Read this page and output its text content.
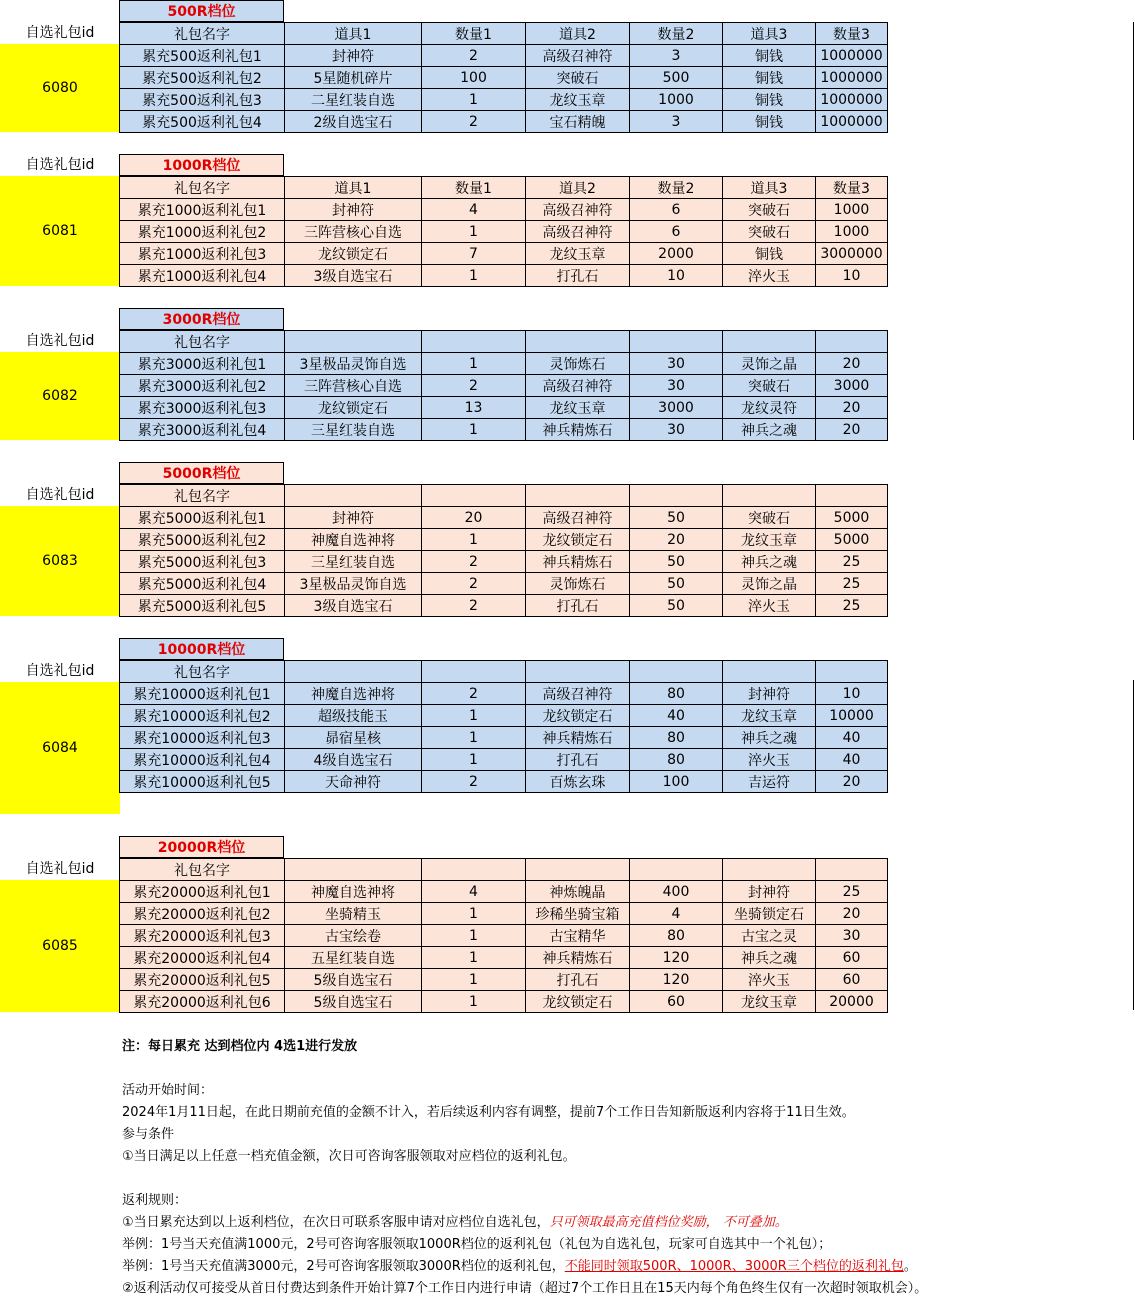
500R档位
自选礼包id
6080
礼包名字	道具1	数量1	道具2	数量2	道具3	数量3
累充500返利礼包1	封神符	2	高级召神符	3	铜钱	1000000
累充500返利礼包2	5星随机碎片	100	突破石	500	铜钱	1000000
累充500返利礼包3	二星红装自选	1	龙纹玉章	1000	铜钱	1000000
累充500返利礼包4	2级自选宝石	2	宝石精魄	3	铜钱	1000000
1000R档位
自选礼包id
6081
礼包名字	道具1	数量1	道具2	数量2	道具3	数量3
累充1000返利礼包1	封神符	4	高级召神符	6	突破石	1000
累充1000返利礼包2	三阵营核心自选	1	高级召神符	6	突破石	1000
累充1000返利礼包3	龙纹锁定石	7	龙纹玉章	2000	铜钱	3000000
累充1000返利礼包4	3级自选宝石	1	打孔石	10	淬火玉	10
3000R档位
自选礼包id
6082
礼包名字						
累充3000返利礼包1	3星极品灵饰自选	1	灵饰炼石	30	灵饰之晶	20
累充3000返利礼包2	三阵营核心自选	2	高级召神符	30	突破石	3000
累充3000返利礼包3	龙纹锁定石	13	龙纹玉章	3000	龙纹灵符	20
累充3000返利礼包4	三星红装自选	1	神兵精炼石	30	神兵之魂	20
5000R档位
自选礼包id
6083
礼包名字						
累充5000返利礼包1	封神符	20	高级召神符	50	突破石	5000
累充5000返利礼包2	神魔自选神将	1	龙纹锁定石	20	龙纹玉章	5000
累充5000返利礼包3	三星红装自选	2	神兵精炼石	50	神兵之魂	25
累充5000返利礼包4	3星极品灵饰自选	2	灵饰炼石	50	灵饰之晶	25
累充5000返利礼包5	3级自选宝石	2	打孔石	50	淬火玉	25
10000R档位
自选礼包id
6084
礼包名字						
累充10000返利礼包1	神魔自选神将	2	高级召神符	80	封神符	10
累充10000返利礼包2	超级技能玉	1	龙纹锁定石	40	龙纹玉章	10000
累充10000返利礼包3	昴宿星核	1	神兵精炼石	80	神兵之魂	40
累充10000返利礼包4	4级自选宝石	1	打孔石	80	淬火玉	40
累充10000返利礼包5	天命神符	2	百炼玄珠	100	吉运符	20
20000R档位
自选礼包id
6085
礼包名字						
累充20000返利礼包1	神魔自选神将	4	神炼魄晶	400	封神符	25
累充20000返利礼包2	坐骑精玉	1	珍稀坐骑宝箱	4	坐骑锁定石	20
累充20000返利礼包3	古宝绘卷	1	古宝精华	80	古宝之灵	30
累充20000返利礼包4	五星红装自选	1	神兵精炼石	120	神兵之魂	60
累充20000返利礼包5	5级自选宝石	1	打孔石	120	淬火玉	60
累充20000返利礼包6	5级自选宝石	1	龙纹锁定石	60	龙纹玉章	20000

注：每日累充 达到档位内 4选1进行发放

活动开始时间：

2024年1月11日起，在此日期前充值的金额不计入，若后续返利内容有调整，提前7个工作日告知新版返利内容将于11日生效。

参与条件

①当日满足以上任意一档充值金额，次日可咨询客服领取对应档位的返利礼包。

返利规则：

①当日累充达到以上返利档位，在次日可联系客服申请对应档位自选礼包，只可领取最高充值档位奖励， 不可叠加。

举例：1号当天充值满1000元，2号可咨询客服领取1000R档位的返利礼包（礼包为自选礼包，玩家可自选其中一个礼包）；

举例：1号当天充值满3000元，2号可咨询客服领取3000R档位的返利礼包，不能同时领取500R、1000R、3000R三个档位的返利礼包。

②返利活动仅可接受从首日付费达到条件开始计算7个工作日内进行申请（超过7个工作日且在15天内每个角色终生仅有一次超时领取机会）。
